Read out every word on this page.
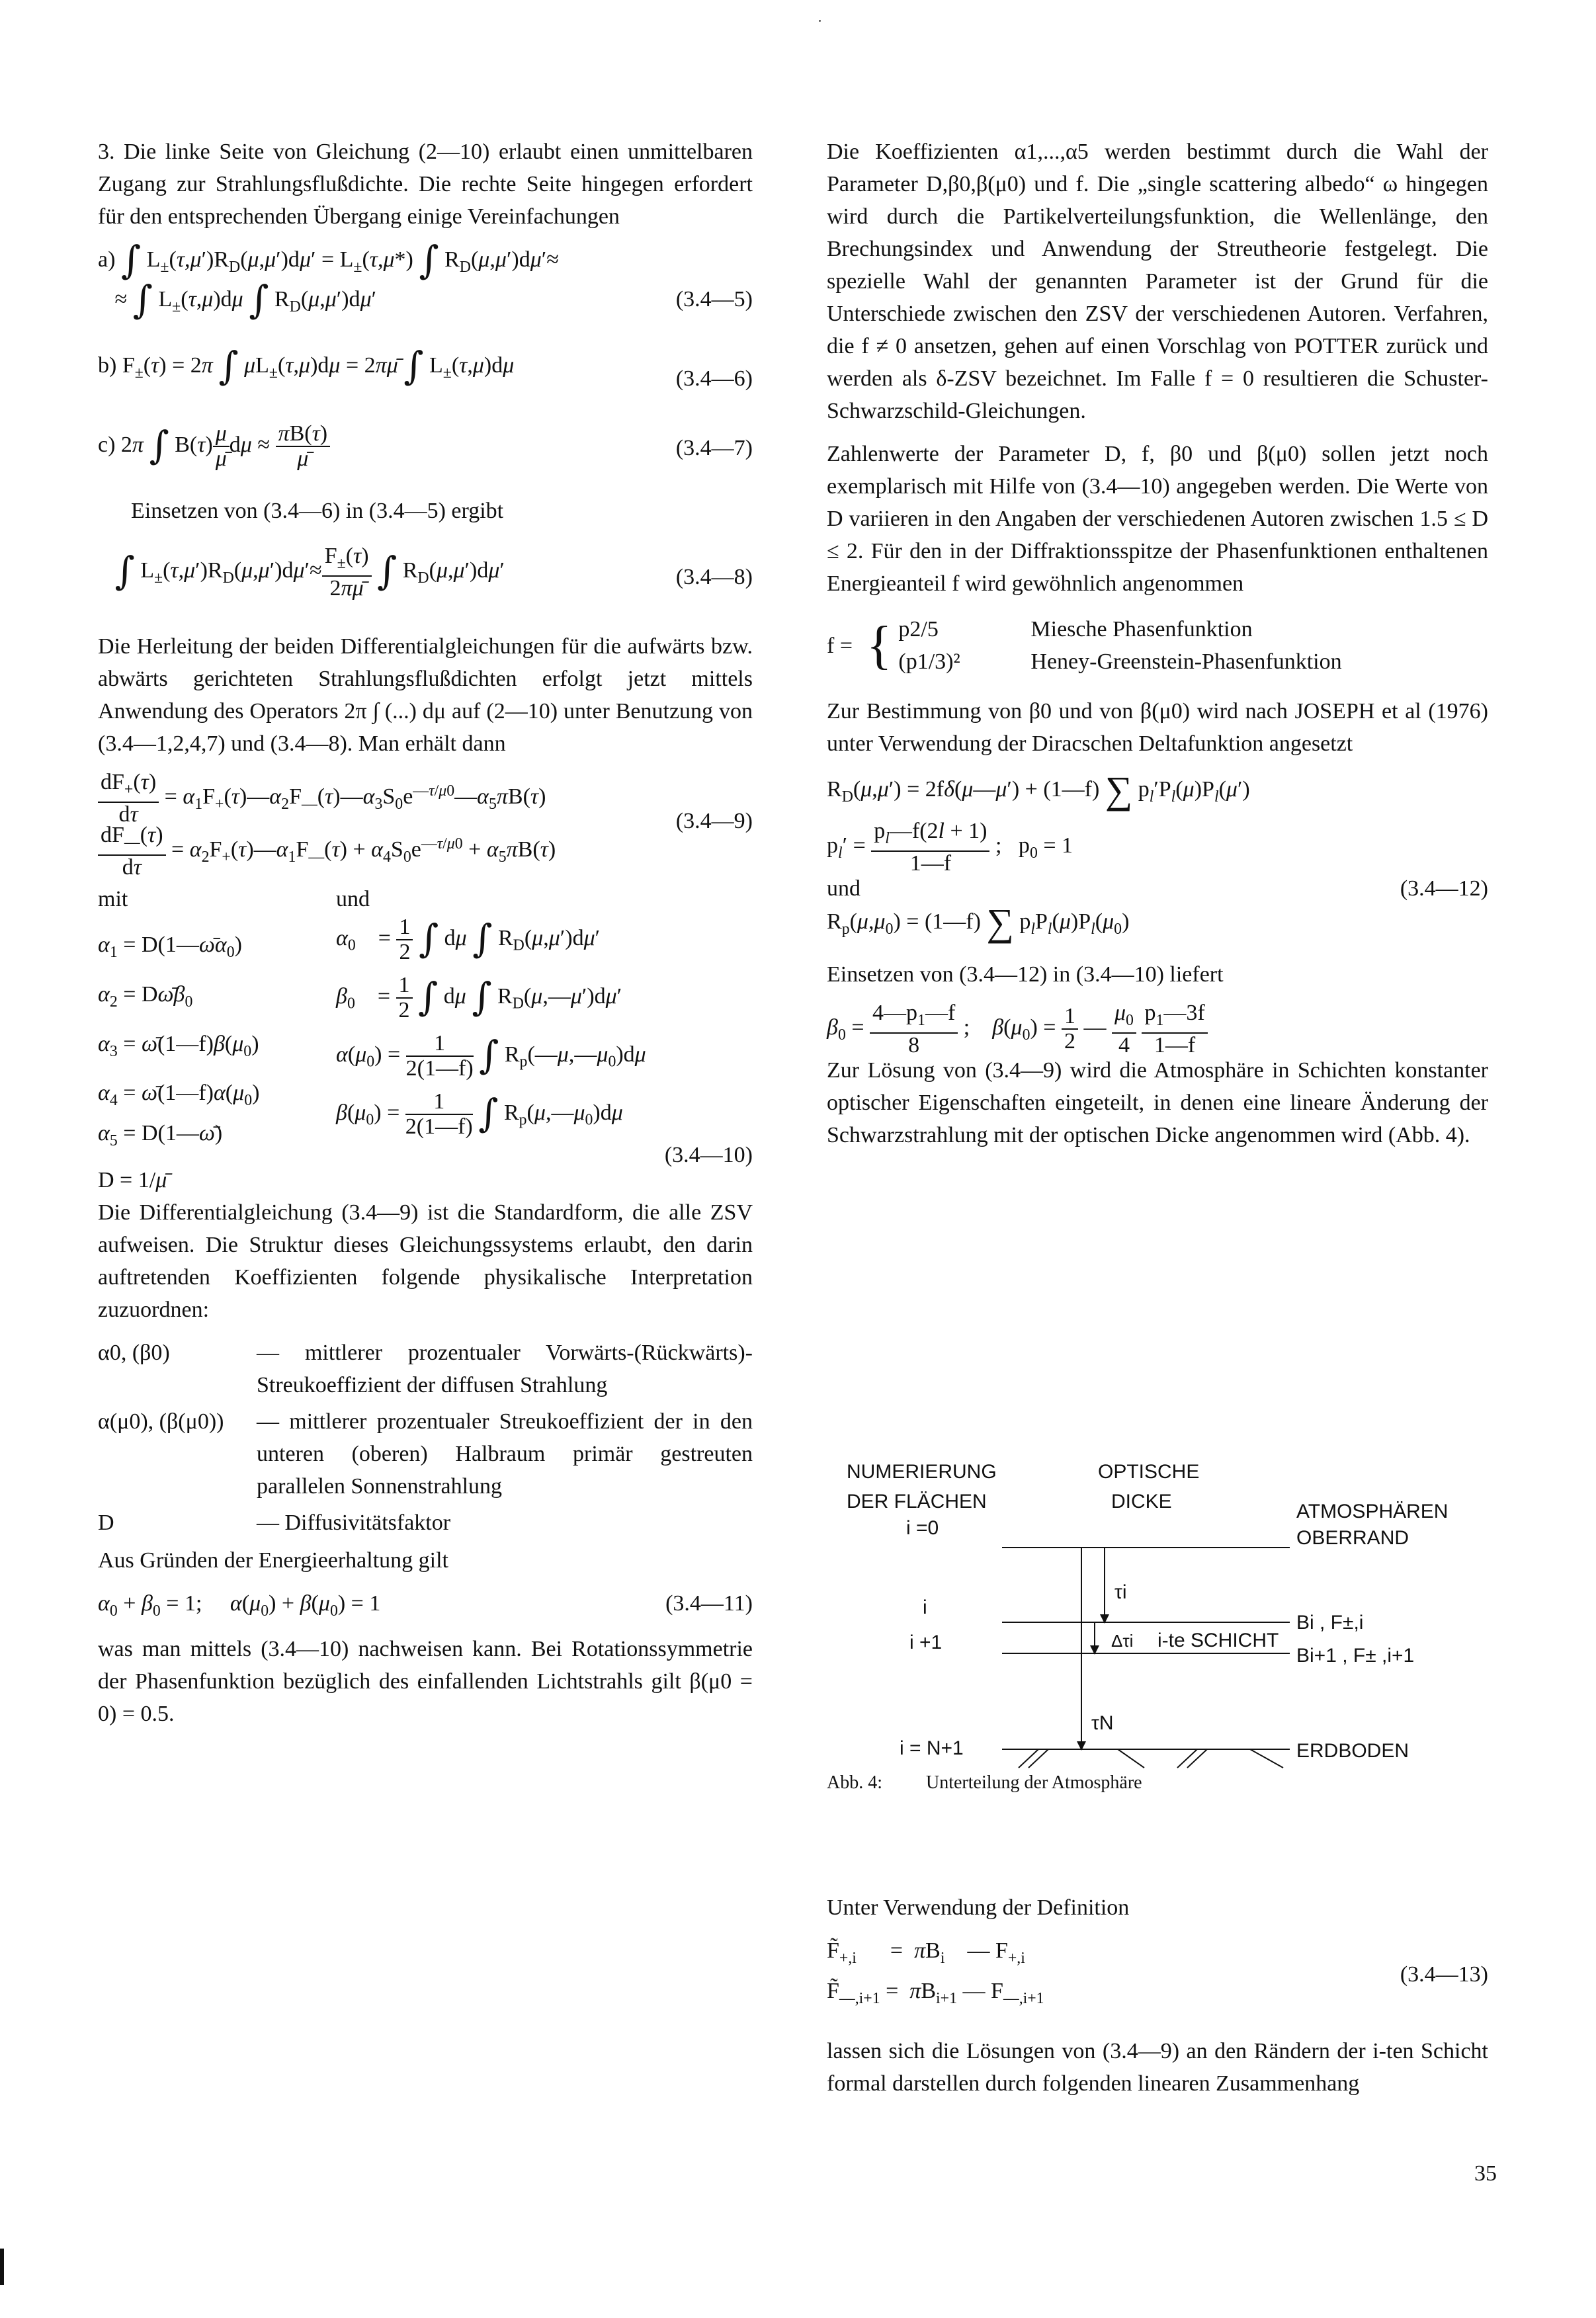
3. Die linke Seite von Gleichung (2—10) erlaubt einen unmittelbaren Zugang zur Strahlungsflußdichte. Die rechte Seite hingegen erfordert für den entsprechenden Übergang einige Vereinfachungen

a) ∫ $L_\pm(\tau,\mu')R_D(\mu,\mu')d\mu' = L_\pm(\tau,\mu*)$ ∫ $R_D(\mu,\mu')d\mu'\approx$
≈ ∫ $L_\pm(\tau,\mu)d\mu$ ∫ $R_D(\mu,\mu')d\mu'$	(3.4—5)
b) $F_\pm(\tau) = 2\pi$ ∫ $\mu L_\pm(\tau,\mu)d\mu$ = 2πμ̄ ∫ $L_\pm(\tau,\mu)d\mu$
(3.4—6)
c) 2π ∫ $B(\tau) \frac{\mu}{\mū}$ $d\mu \approx \frac{\pi B(\tau)}{\mū}$	(3.4—7)

Einsetzen von (3.4—6) in (3.4—5) ergibt

∫ $L_\pm(\tau,\mu')R_D(\mu,\mu')d\mu'\approx \frac{F_\pm(\tau)}{2\pi\mū}$ ∫ $R_D(\mu,\mu')d\mu'$	(3.4—8)

Die Herleitung der beiden Differentialgleichungen für die aufwärts bzw. abwärts gerichteten Strahlungsflußdichten erfolgt jetzt mittels Anwendung des Operators 2π ∫ (...) dμ auf (2—10) unter Benutzung von (3.4—1,2,4,7) und (3.4—8). Man erhält dann

$\frac{dF_+(\tau)}{d\tau}$ = $\alpha_1F_+(\tau)—\alpha_2F_—(\tau)—\alpha_3S_0e^{—\tau/\mu 0}—\alpha_5\pi B(\tau)$
$\frac{dF_—(\tau)}{d\tau}$ = $\alpha_2F_+(\tau)—\alpha_1F_—(\tau) + \alpha_4S_0e^{—\tau/\mu 0} + \alpha_5\pi B(\tau)$
(3.4—9)
mit
$\alpha_1$ = $D(1—\omegā\alpha_0)$
$\alpha_2$ = $D\omegā\beta_0$
$\alpha_3$ = $\omegā(1—f)\beta(\mu_0)$
$\alpha_4$ = $\omegā(1—f)\alpha(\mu_0)$
$\alpha_5$ = D(1—ω̄)
D = 1/μ̄
und
$\alpha_0$    = $\frac{1}{2}$ ∫ dμ ∫ $R_D(\mu,\mu')d\mu'$
$\beta_0$    = $\frac{1}{2}$ ∫ dμ ∫ $R_D(\mu,—\mu')d\mu'$
$\alpha(\mu_0) = \frac{1}{2(1—f)}$ ∫ $R_p(—\mu,—\mu_0)d\mu$
$\beta(\mu_0) = \frac{1}{2(1—f)}$ ∫ $R_p(\mu,—\mu_0)d\mu$
(3.4—10)

Die Differentialgleichung (3.4—9) ist die Standardform, die alle ZSV aufweisen. Die Struktur dieses Gleichungssystems erlaubt, den darin auftretenden Koeffizienten folgende physikalische Interpretation zuzuordnen:

α0, (β0)	— mittlerer prozentualer Vorwärts-(Rückwärts)-Streukoeffizient der diffusen Strahlung
α(μ0), (β(μ0))	— mittlerer prozentualer Streukoeffizient der in den unteren (oberen) Halbraum primär gestreuten parallelen Sonnenstrahlung
D	— Diffusivitätsfaktor

Aus Gründen der Energieerhaltung gilt

$\alpha_0 + \beta_0 = 1$;     $\alpha(\mu_0) + \beta(\mu_0) = 1$	(3.4—11)

was man mittels (3.4—10) nachweisen kann. Bei Rotationssymmetrie der Phasenfunktion bezüglich des einfallenden Lichtstrahls gilt β(μ0 = 0) = 0.5.

Die Koeffizienten α1,...,α5 werden bestimmt durch die Wahl der Parameter D,β0,β(μ0) und f. Die „single scattering albedo“ ω hingegen wird durch die Partikelverteilungsfunktion, die Wellenlänge, den Brechungsindex und Anwendung der Streutheorie festgelegt. Die spezielle Wahl der genannten Parameter ist der Grund für die Unterschiede zwischen den ZSV der verschiedenen Autoren. Verfahren, die f ≠ 0 ansetzen, gehen auf einen Vorschlag von POTTER zurück und werden als δ-ZSV bezeichnet. Im Falle f = 0 resultieren die Schuster-Schwarzschild-Gleichungen.

Zahlenwerte der Parameter D, f, β0 und β(μ0) sollen jetzt noch exemplarisch mit Hilfe von (3.4—10) angegeben werden. Die Werte von D variieren in den Angaben der verschiedenen Autoren zwischen 1.5 ≤ D ≤ 2. Für den in der Diffraktionsspitze der Phasenfunktionen enthaltenen Energieanteil f wird gewöhnlich angenommen

f = { p2/5	Miesche Phasenfunktion
(p1/3)²	Heney-Greenstein-Phasenfunktion

Zur Bestimmung von β0 und von β(μ0) wird nach JOSEPH et al (1976) unter Verwendung der Diracschen Deltafunktion angesetzt

$R_D(\mu,\mu')$ = 2fδ(μ—μ′) + (1—f) ∑ $p_l'P_l(\mu)P_l(\mu')$
$p_l' = \frac{p_l—f(2l + 1)}{1—f}$ ;   $p_0 = 1$
und	(3.4—12)
$R_p(\mu,\mu_0)$ = (1—f) ∑ $p_lP_l(\mu)P_l(\mu_0)$

Einsetzen von (3.4—12) in (3.4—10) liefert

$\beta_0 = \frac{4—p_1—f}{8}$ ;    $\beta(\mu_0) = \frac{1}{2}$ — $\frac{\mu_0}{4}$
$\frac{p_1—3f}{1—f}$

Zur Lösung von (3.4—9) wird die Atmosphäre in Schichten konstanter optischer Eigenschaften eingeteilt, in denen eine lineare Änderung der Schwarzstrahlung mit der optischen Dicke angenommen wird (Abb. 4).

NUMERIERUNG
DER FLÄCHEN
OPTISCHE
DICKE	ATMOSPHÄREN
OBERRAND
i =0
i
i +1
i = N+1
τi
Δτi i-te SCHICHT
Bi , F±,i
Bi+1 , F± ,i+1
τN
ERDBODEN
Abb. 4: Unterteilung der Atmosphäre

Unter Verwendung der Definition

$F̃_{+,i}$      =  $\pi B_i$    — $F_{+,i}$
$F̃_{—,i+1} = \pi B_{i+1}$ — $F_{—,i+1}$
(3.4—13)

lassen sich die Lösungen von (3.4—9) an den Rändern der i-ten Schicht formal darstellen durch folgenden linearen Zusammenhang

35
